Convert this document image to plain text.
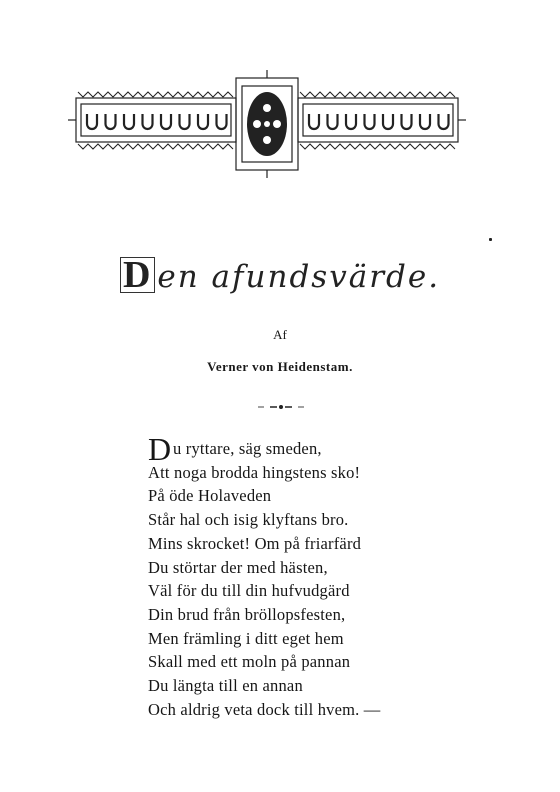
D en afundsvärde.
Af
Verner von Heidenstam.
D u ryttare, säg smeden,
Att noga brodda hingstens sko!
På öde Holaveden
Står hal och isig klyftans bro.
Mins skrocket! Om på friarfärd
Du störtar der med hästen,
Väl för du till din hufvudgärd
Din brud från bröllopsfesten,
Men främling i ditt eget hem
Skall med ett moln på pannan
Du längta till en annan
Och aldrig veta dock till hvem. —
